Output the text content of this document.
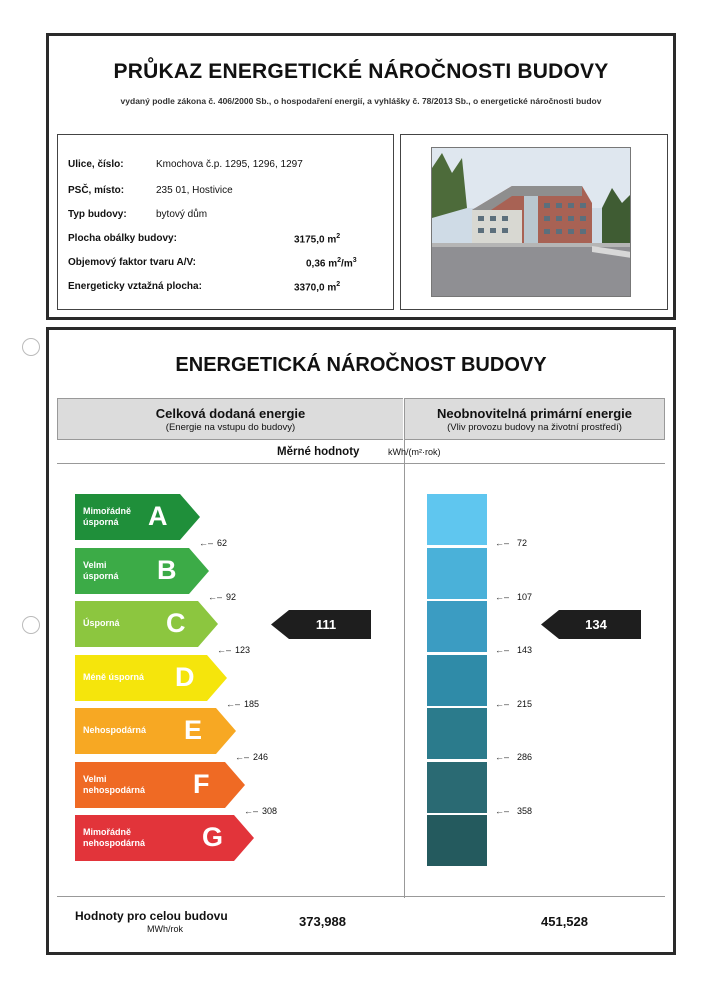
PRŮKAZ ENERGETICKÉ NÁROČNOSTI BUDOVY
vydaný podle zákona č. 406/2000 Sb., o hospodaření energií, a vyhlášky č. 78/2013 Sb., o energetické náročnosti budov
Ulice, číslo:	Kmochova č.p. 1295, 1296, 1297
PSČ, místo:	235 01, Hostivice
Typ budovy:	bytový dům
Plocha obálky budovy:	3175,0 $m^2$
Objemový faktor tvaru A/V:	0,36 $m^2/m^3$
Energeticky vztažná plocha:	3370,0 $m^2$
ENERGETICKÁ NÁROČNOST BUDOVY
Celková dodaná energie
(Energie na vstupu do budovy)
Neobnovitelná primární energie
(Vliv provozu budovy na životní prostředí)
Měrné hodnoty	kWh/(m²·rok)
111	134
Hodnoty pro celou budovu
MWh/rok	373,988	451,528
Mimořádně
úsporná	A
Velmi
úsporná B
Úsporná C
Méně úsporná D
Nehospodárná E
Velmi
nehospodárná F
Mimořádně
nehospodárná G
←– 62
←– 92
←– 123
←– 185
←– 246
←– 308
←– 72
←– 107
←– 143
←– 215
←– 286
←– 358
